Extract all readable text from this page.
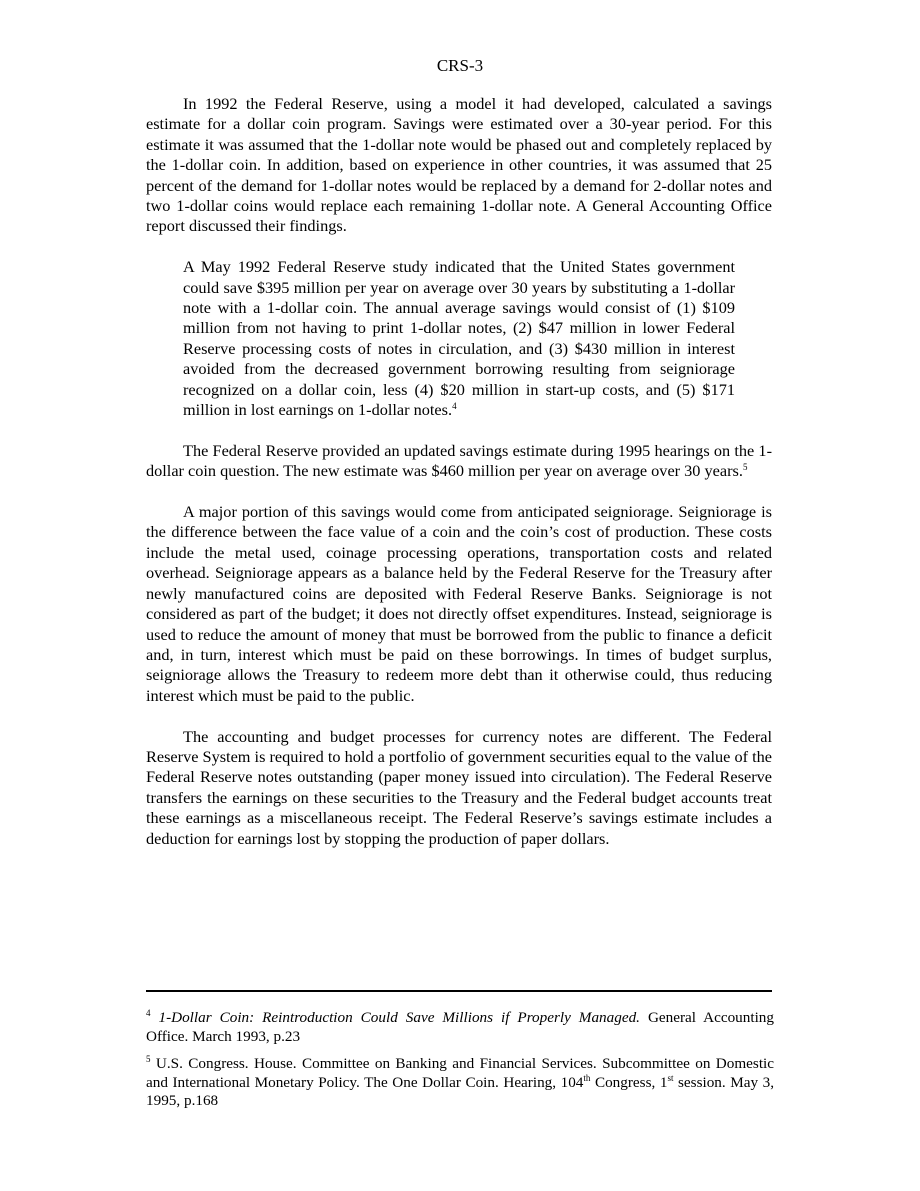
CRS-3

In 1992 the Federal Reserve, using a model it had developed, calculated a savings estimate for a dollar coin program. Savings were estimated over a 30-year period. For this estimate it was assumed that the 1-dollar note would be phased out and completely replaced by the 1-dollar coin. In addition, based on experience in other countries, it was assumed that 25 percent of the demand for 1-dollar notes would be replaced by a demand for 2-dollar notes and two 1-dollar coins would replace each remaining 1-dollar note. A General Accounting Office report discussed their findings.

A May 1992 Federal Reserve study indicated that the United States government could save $395 million per year on average over 30 years by substituting a 1-dollar note with a 1-dollar coin. The annual average savings would consist of (1) $109 million from not having to print 1-dollar notes, (2) $47 million in lower Federal Reserve processing costs of notes in circulation, and (3) $430 million in interest avoided from the decreased government borrowing resulting from seigniorage recognized on a dollar coin, less (4) $20 million in start-up costs, and (5) $171 million in lost earnings on 1-dollar notes.$^4$

The Federal Reserve provided an updated savings estimate during 1995 hearings on the 1-dollar coin question. The new estimate was $460 million per year on average over 30 years.$^5$

A major portion of this savings would come from anticipated seigniorage. Seigniorage is the difference between the face value of a coin and the coin’s cost of production. These costs include the metal used, coinage processing operations, transportation costs and related overhead. Seigniorage appears as a balance held by the Federal Reserve for the Treasury after newly manufactured coins are deposited with Federal Reserve Banks. Seigniorage is not considered as part of the budget; it does not directly offset expenditures. Instead, seigniorage is used to reduce the amount of money that must be borrowed from the public to finance a deficit and, in turn, interest which must be paid on these borrowings. In times of budget surplus, seigniorage allows the Treasury to redeem more debt than it otherwise could, thus reducing interest which must be paid to the public.

The accounting and budget processes for currency notes are different. The Federal Reserve System is required to hold a portfolio of government securities equal to the value of the Federal Reserve notes outstanding (paper money issued into circulation). The Federal Reserve transfers the earnings on these securities to the Treasury and the Federal budget accounts treat these earnings as a miscellaneous receipt. The Federal Reserve’s savings estimate includes a deduction for earnings lost by stopping the production of paper dollars.

$^4$ 1-Dollar Coin: Reintroduction Could Save Millions if Properly Managed. General Accounting Office. March 1993, p.23
$^5$ U.S. Congress. House. Committee on Banking and Financial Services. Subcommittee on Domestic and International Monetary Policy. The One Dollar Coin. Hearing, 104th Congress, 1st session. May 3, 1995, p.168
